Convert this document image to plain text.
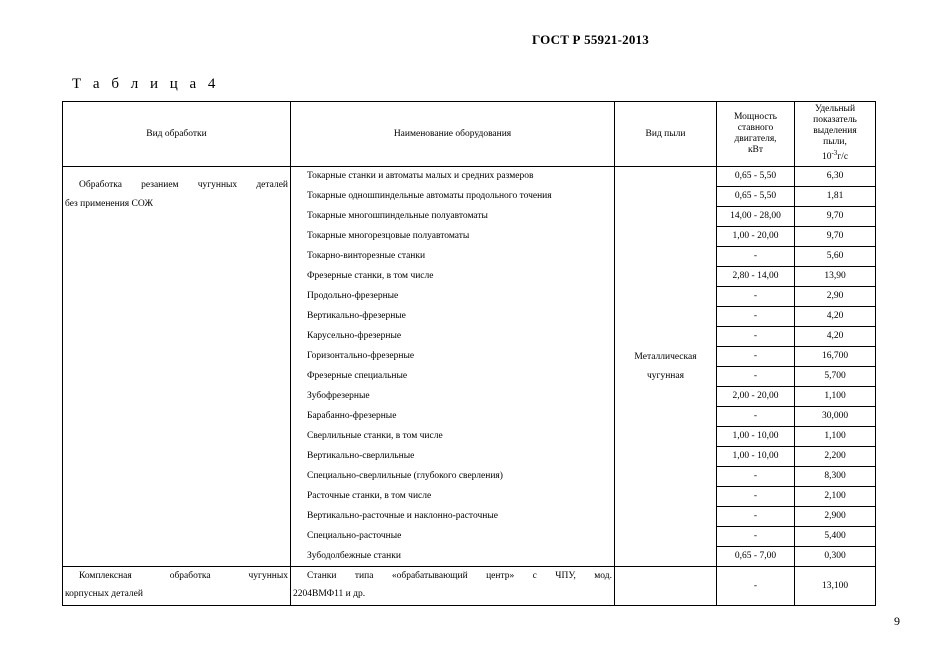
ГОСТ Р 55921-2013
Т а б л и ц а 4
Вид обработки	Наименование оборудования	Вид пыли	Мощность
ставного
двигателя,
кВт	Удельный
показатель
выделения
пыли,
$10^{-3}г/с$

Обработка резанием чугунных деталей
без применения СОЖ	Токарные станки и автоматы малых и средних размеров	Металлическая
чугунная	0,65 - 5,50	6,30
	Токарные одношпиндельные автоматы продольного точения		0,65 - 5,50	1,81
	Токарные многошпиндельные полуавтоматы		14,00 - 28,00	9,70
	Токарные многорезцовые полуавтоматы		1,00 - 20,00	9,70
	Токарно-винторезные станки		-	5,60
	Фрезерные станки, в том числе		2,80 - 14,00	13,90
	Продольно-фрезерные		-	2,90
	Вертикально-фрезерные		-	4,20
	Карусельно-фрезерные		-	4,20
	Горизонтально-фрезерные		-	16,700
	Фрезерные специальные		-	5,700
	Зубофрезерные		2,00 - 20,00	1,100
	Барабанно-фрезерные		-	30,000
	Сверлильные станки, в том числе		1,00 - 10,00	1,100
	Вертикально-сверлильные		1,00 - 10,00	2,200
	Специально-сверлильные (глубокого сверления)		-	8,300
	Расточные станки, в том числе		-	2,100
	Вертикально-расточные и наклонно-расточные		-	2,900
	Специально-расточные		-	5,400
	Зубодолбежные станки		0,65 - 7,00	0,300

Комплексная обработка чугунных
корпусных деталей	Станки типа «обрабатывающий центр» с ЧПУ, мод.
2204ВМФ11 и др.		-	13,100
9
